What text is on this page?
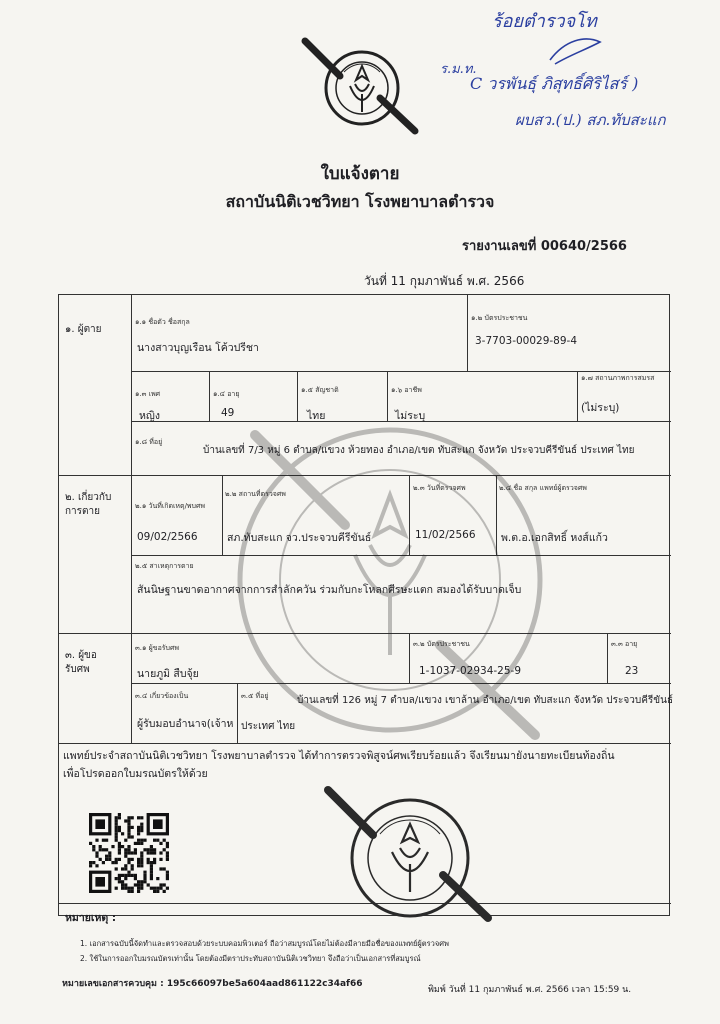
ร้อยตำรวจโท
ร.ม.ท.
C วรพันธุ์ ภิสุทธิ์ศิริไสร์ )
ผบสว.(ป.) สภ.ทับสะแก
ใบแจ้งตาย
สถาบันนิติเวชวิทยา โรงพยาบาลตำรวจ
รายงานเลขที่ 00640/2566
วันที่ 11 กุมภาพันธ์ พ.ศ. 2566
๑. ผู้ตาย
๑.๑ ชื่อตัว ชื่อสกุล
นางสาวบุญเรือน โค้วปรีชา
๑.๒ บัตรประชาชน
3-7703-00029-89-4
๑.๓ เพศ
หญิง
๑.๔ อายุ
49
๑.๕ สัญชาติ
ไทย
๑.๖ อาชีพ
ไม่ระบุ
๑.๗ สถานภาพการสมรส
(ไม่ระบุ)
๑.๘ ที่อยู่
บ้านเลขที่ 7/3 หมู่ 6 ตำบล/แขวง ห้วยทอง อำเภอ/เขต ทับสะแก จังหวัด ประจวบคีรีขันธ์ ประเทศ ไทย
๒. เกี่ยวกับ
การตาย	๒.๑ วันที่เกิดเหตุ/พบศพ
09/02/2566
๒.๒ สถานที่ตรวจศพ
สภ.ทับสะแก จว.ประจวบคีรีขันธ์
๒.๓ วันที่ตรวจศพ
11/02/2566
๒.๔ ชื่อ สกุล แพทย์ผู้ตรวจศพ
พ.ต.อ.เอกสิทธิ์ หงส์แก้ว
๒.๕ สาเหตุการตาย
สันนิษฐานขาดอากาศจากการสำลักควัน ร่วมกับกะโหลกศีรษะแตก สมองได้รับบาดเจ็บ
๓. ผู้ขอ
รับศพ
๓.๑ ผู้ขอรับศพ
นายภูมิ สืบจุ้ย
๓.๒ บัตรประชาชน
1-1037-02934-25-9
๓.๓ อายุ
23
๓.๔ เกี่ยวข้องเป็น
ผู้รับมอบอำนาจ(เจ้าห
๓.๕ ที่อยู่	บ้านเลขที่ 126 หมู่ 7 ตำบล/แขวง เขาล้าน อำเภอ/เขต ทับสะแก จังหวัด ประจวบคีรีขันธ์
ประเทศ ไทย
แพทย์ประจำสถาบันนิติเวชวิทยา โรงพยาบาลตำรวจ ได้ทำการตรวจพิสูจน์ศพเรียบร้อยแล้ว จึงเรียนมายังนายทะเบียนท้องถิ่น
เพื่อโปรดออกใบมรณบัตรให้ด้วย
หมายเหตุ :
1. เอกสารฉบับนี้จัดทำและตรวจสอบด้วยระบบคอมพิวเตอร์ ถือว่าสมบูรณ์โดยไม่ต้องมีลายมือชื่อของแพทย์ผู้ตรวจศพ
2. ใช้ในการออกใบมรณบัตรเท่านั้น โดยต้องมีตราประทับสถาบันนิติเวชวิทยา จึงถือว่าเป็นเอกสารที่สมบูรณ์
หมายเลขเอกสารควบคุม : 195c66097be5a604aad861122c34af66
พิมพ์ วันที่ 11 กุมภาพันธ์ พ.ศ. 2566 เวลา 15:59 น.
